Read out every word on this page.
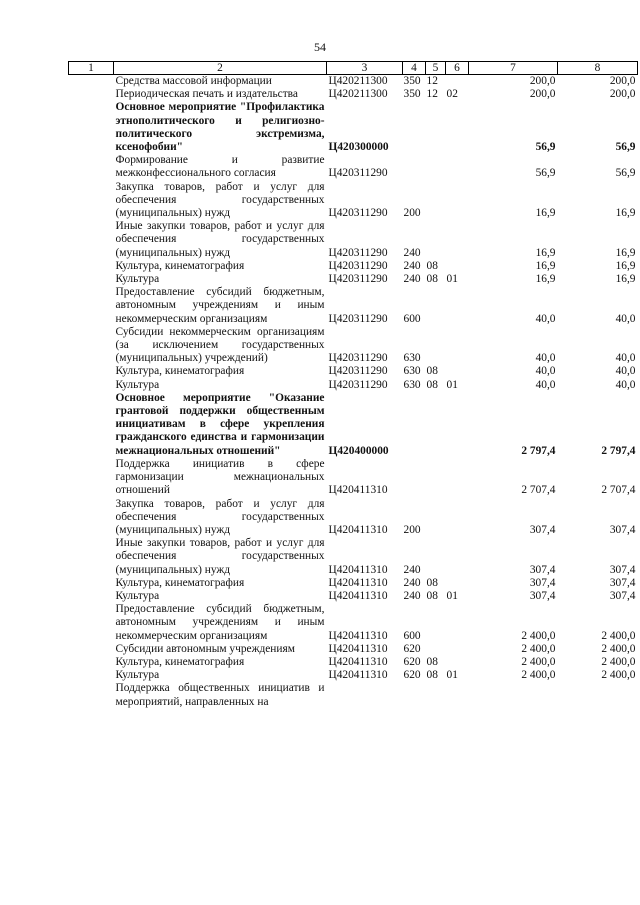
54
1	2	3	4	5	6	7	8
	Средства массовой информации	Ц420211300	350	12		200,0	200,0
	Периодическая печать и издательства	Ц420211300	350	12	02	200,0	200,0
	Основное мероприятие "Профилактика этнополитического и религиозно-политического экстремизма, ксенофобии"	Ц420300000				56,9	56,9
	Формирование и развитие межконфессионального согласия	Ц420311290				56,9	56,9
	Закупка товаров, работ и услуг для обеспечения государственных (муниципальных) нужд	Ц420311290	200			16,9	16,9
	Иные закупки товаров, работ и услуг для обеспечения государственных (муниципальных) нужд	Ц420311290	240			16,9	16,9
	Культура, кинематография	Ц420311290	240	08		16,9	16,9
	Культура	Ц420311290	240	08	01	16,9	16,9
	Предоставление субсидий бюджетным, автономным учреждениям и иным некоммерческим организациям	Ц420311290	600			40,0	40,0
	Субсидии некоммерческим организациям (за исключением государственных (муниципальных) учреждений)	Ц420311290	630			40,0	40,0
	Культура, кинематография	Ц420311290	630	08		40,0	40,0
	Культура	Ц420311290	630	08	01	40,0	40,0
	Основное мероприятие "Оказание грантовой поддержки общественным инициативам в сфере укрепления гражданского единства и гармонизации межнациональных отношений"	Ц420400000				2 797,4	2 797,4
	Поддержка инициатив в сфере гармонизации межнациональных отношений	Ц420411310				2 707,4	2 707,4
	Закупка товаров, работ и услуг для обеспечения государственных (муниципальных) нужд	Ц420411310	200			307,4	307,4
	Иные закупки товаров, работ и услуг для обеспечения государственных (муниципальных) нужд	Ц420411310	240			307,4	307,4
	Культура, кинематография	Ц420411310	240	08		307,4	307,4
	Культура	Ц420411310	240	08	01	307,4	307,4
	Предоставление субсидий бюджетным, автономным учреждениям и иным некоммерческим организациям	Ц420411310	600			2 400,0	2 400,0
	Субсидии автономным учреждениям	Ц420411310	620			2 400,0	2 400,0
	Культура, кинематография	Ц420411310	620	08		2 400,0	2 400,0
	Культура	Ц420411310	620	08	01	2 400,0	2 400,0
	Поддержка общественных инициатив и мероприятий, направленных на						
